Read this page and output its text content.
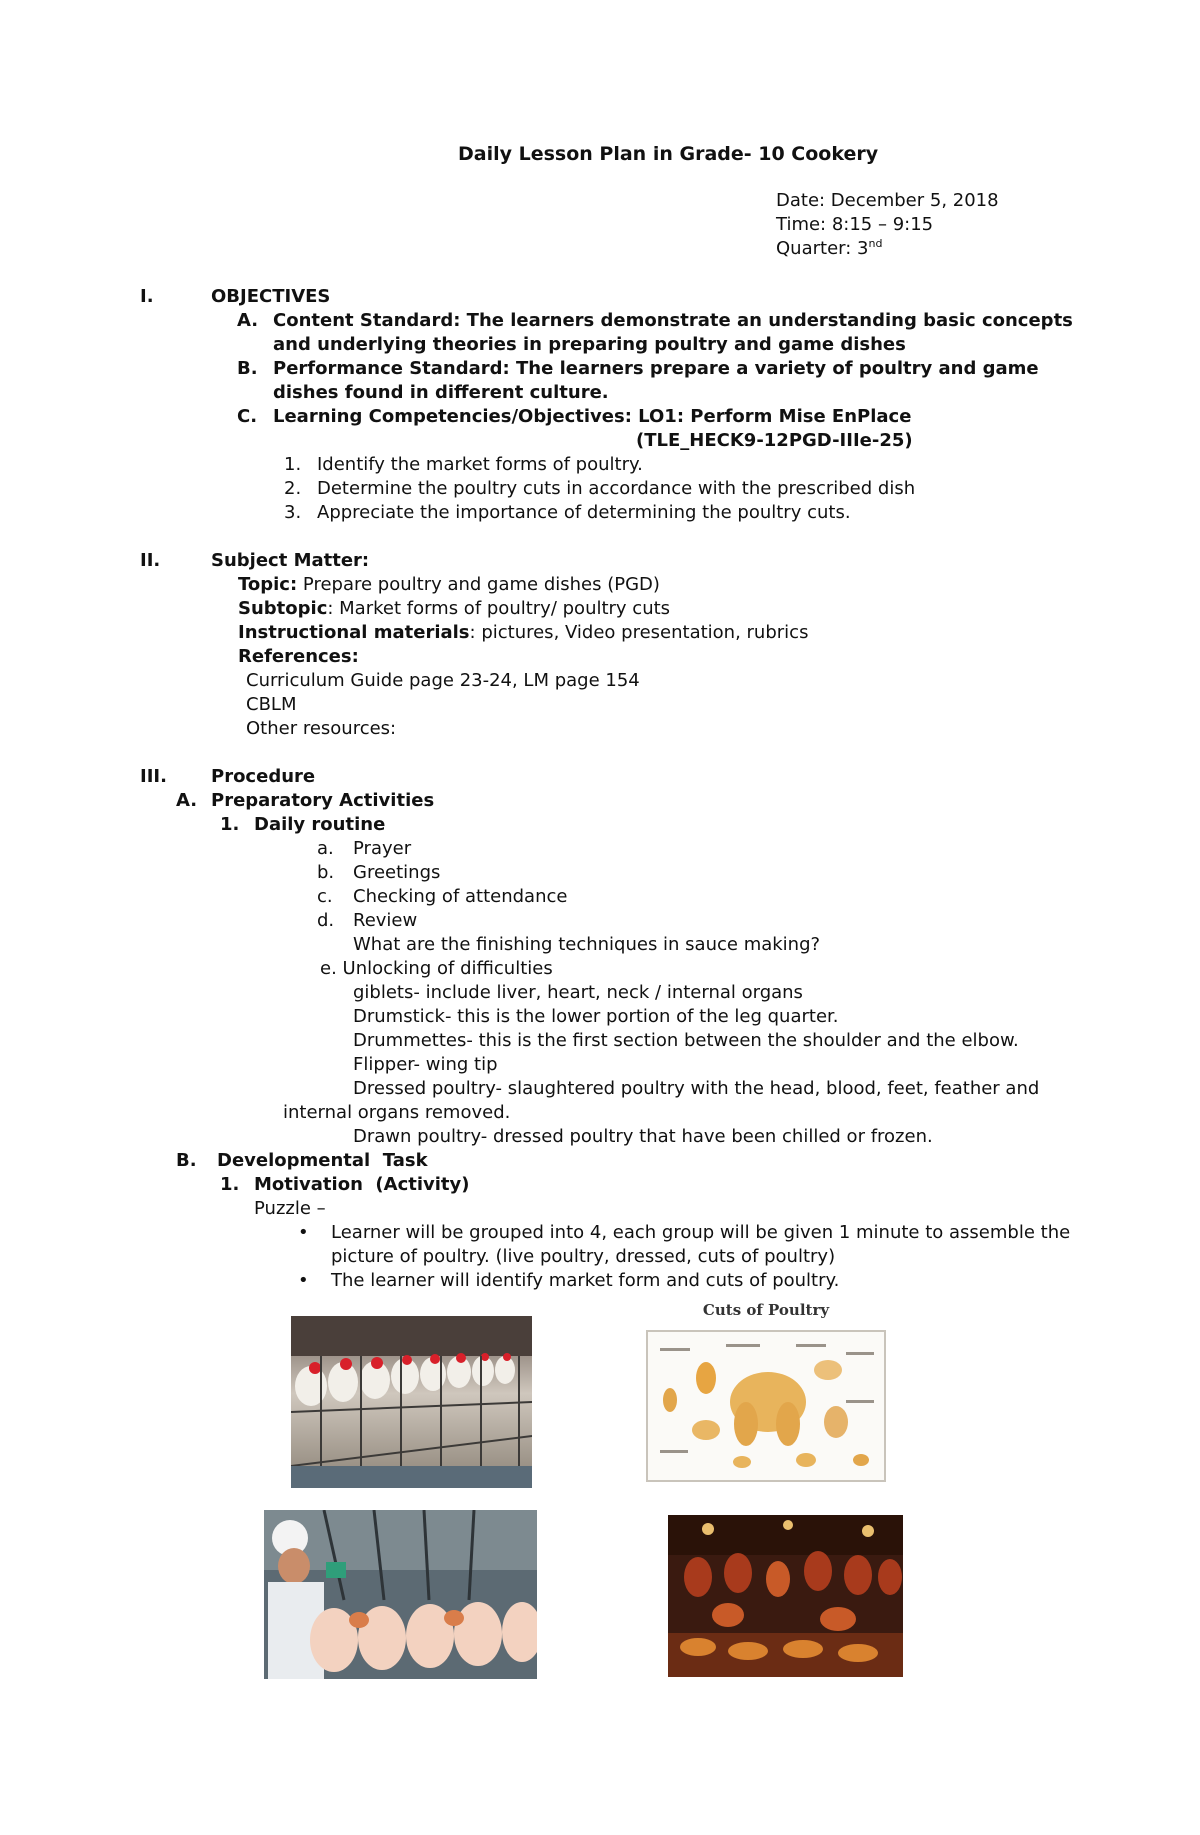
Daily Lesson Plan in Grade- 10 Cookery
Date: December 5, 2018
Time: 8:15 – 9:15
Quarter: 3nd
I.	OBJECTIVES
A. Content Standard: The learners demonstrate an understanding basic concepts
and underlying theories in preparing poultry and game dishes
B. Performance Standard: The learners prepare a variety of poultry and game
dishes found in different culture.
C. Learning Competencies/Objectives: LO1: Perform Mise EnPlace
(TLE_HECK9-12PGD-IIIe-25)
1. Identify the market forms of poultry.
2. Determine the poultry cuts in accordance with the prescribed dish
3. Appreciate the importance of determining the poultry cuts.
II.	Subject Matter:
Topic: Prepare poultry and game dishes (PGD)
Subtopic: Market forms of poultry/ poultry cuts
Instructional materials: pictures, Video presentation, rubrics
References:
Curriculum Guide page 23-24, LM page 154
CBLM
Other resources:
III. Procedure
A. Preparatory Activities
1. Daily routine
a. Prayer
b. Greetings
c. Checking of attendance
d. Review
What are the finishing techniques in sauce making?
e. Unlocking of difficulties
giblets- include liver, heart, neck / internal organs
Drumstick- this is the lower portion of the leg quarter.
Drummettes- this is the first section between the shoulder and the elbow.
Flipper- wing tip
Dressed poultry- slaughtered poultry with the head, blood, feet, feather and
internal organs removed.
Drawn poultry- dressed poultry that have been chilled or frozen.
B. Developmental  Task
1. Motivation  (Activity)
Puzzle –
• Learner will be grouped into 4, each group will be given 1 minute to assemble the
picture of poultry. (live poultry, dressed, cuts of poultry)
• The learner will identify market form and cuts of poultry.
Cuts of Poultry
